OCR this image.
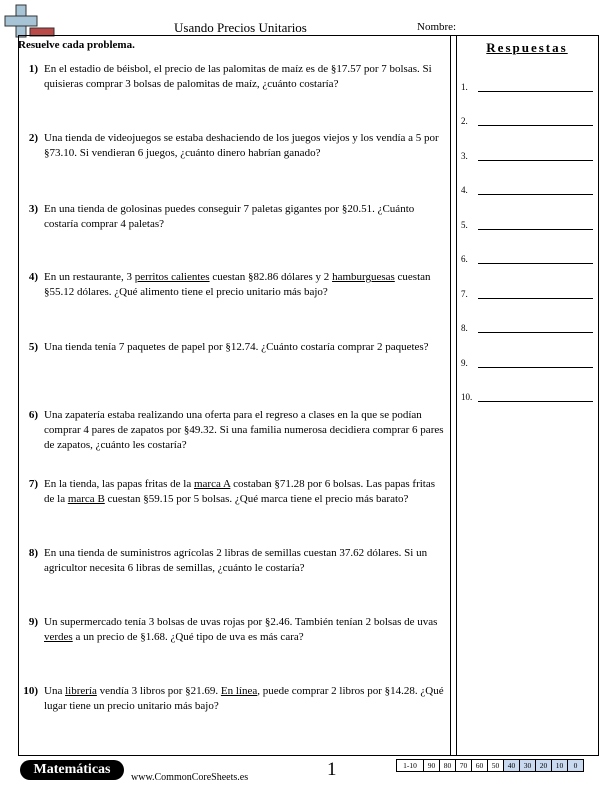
Usando Precios Unitarios	Nombre:
Resuelve cada problema.	Respuestas
1) En el estadio de béisbol, el precio de las palomitas de maíz es de §17.57 por 7 bolsas. Si quisieras comprar 3 bolsas de palomitas de maíz, ¿cuánto costaría?
2) Una tienda de videojuegos se estaba deshaciendo de los juegos viejos y los vendía a 5 por §73.10. Si vendieran 6 juegos, ¿cuánto dinero habrían ganado?
3) En una tienda de golosinas puedes conseguir 7 paletas gigantes por §20.51. ¿Cuánto costaría comprar 4 paletas?
4) En un restaurante, 3 perritos calientes cuestan §82.86 dólares y 2 hamburguesas cuestan §55.12 dólares. ¿Qué alimento tiene el precio unitario más bajo?
5) Una tienda tenía 7 paquetes de papel por §12.74. ¿Cuánto costaría comprar 2 paquetes?
6) Una zapatería estaba realizando una oferta para el regreso a clases en la que se podían comprar 4 pares de zapatos por §49.32. Si una familia numerosa decidiera comprar 6 pares de zapatos, ¿cuánto les costaría?
7) En la tienda, las papas fritas de la marca A costaban §71.28 por 6 bolsas. Las papas fritas de la marca B cuestan §59.15 por 5 bolsas. ¿Qué marca tiene el precio más barato?
8) En una tienda de suministros agrícolas 2 libras de semillas cuestan 37.62 dólares. Si un agricultor necesita 6 libras de semillas, ¿cuánto le costaría?
9) Un supermercado tenía 3 bolsas de uvas rojas por §2.46. También tenían 2 bolsas de uvas verdes a un precio de §1.68. ¿Qué tipo de uva es más cara?
10) Una librería vendía 3 libros por §21.69. En línea, puede comprar 2 libros por §14.28. ¿Qué lugar tiene un precio unitario más bajo?
1.
2.
3.
4.
5.
6.
7.
8.
9.
10.
Matemáticas
www.CommonCoreSheets.es	1	1-10	90	80	70	60	50	40	30	20	10	0
